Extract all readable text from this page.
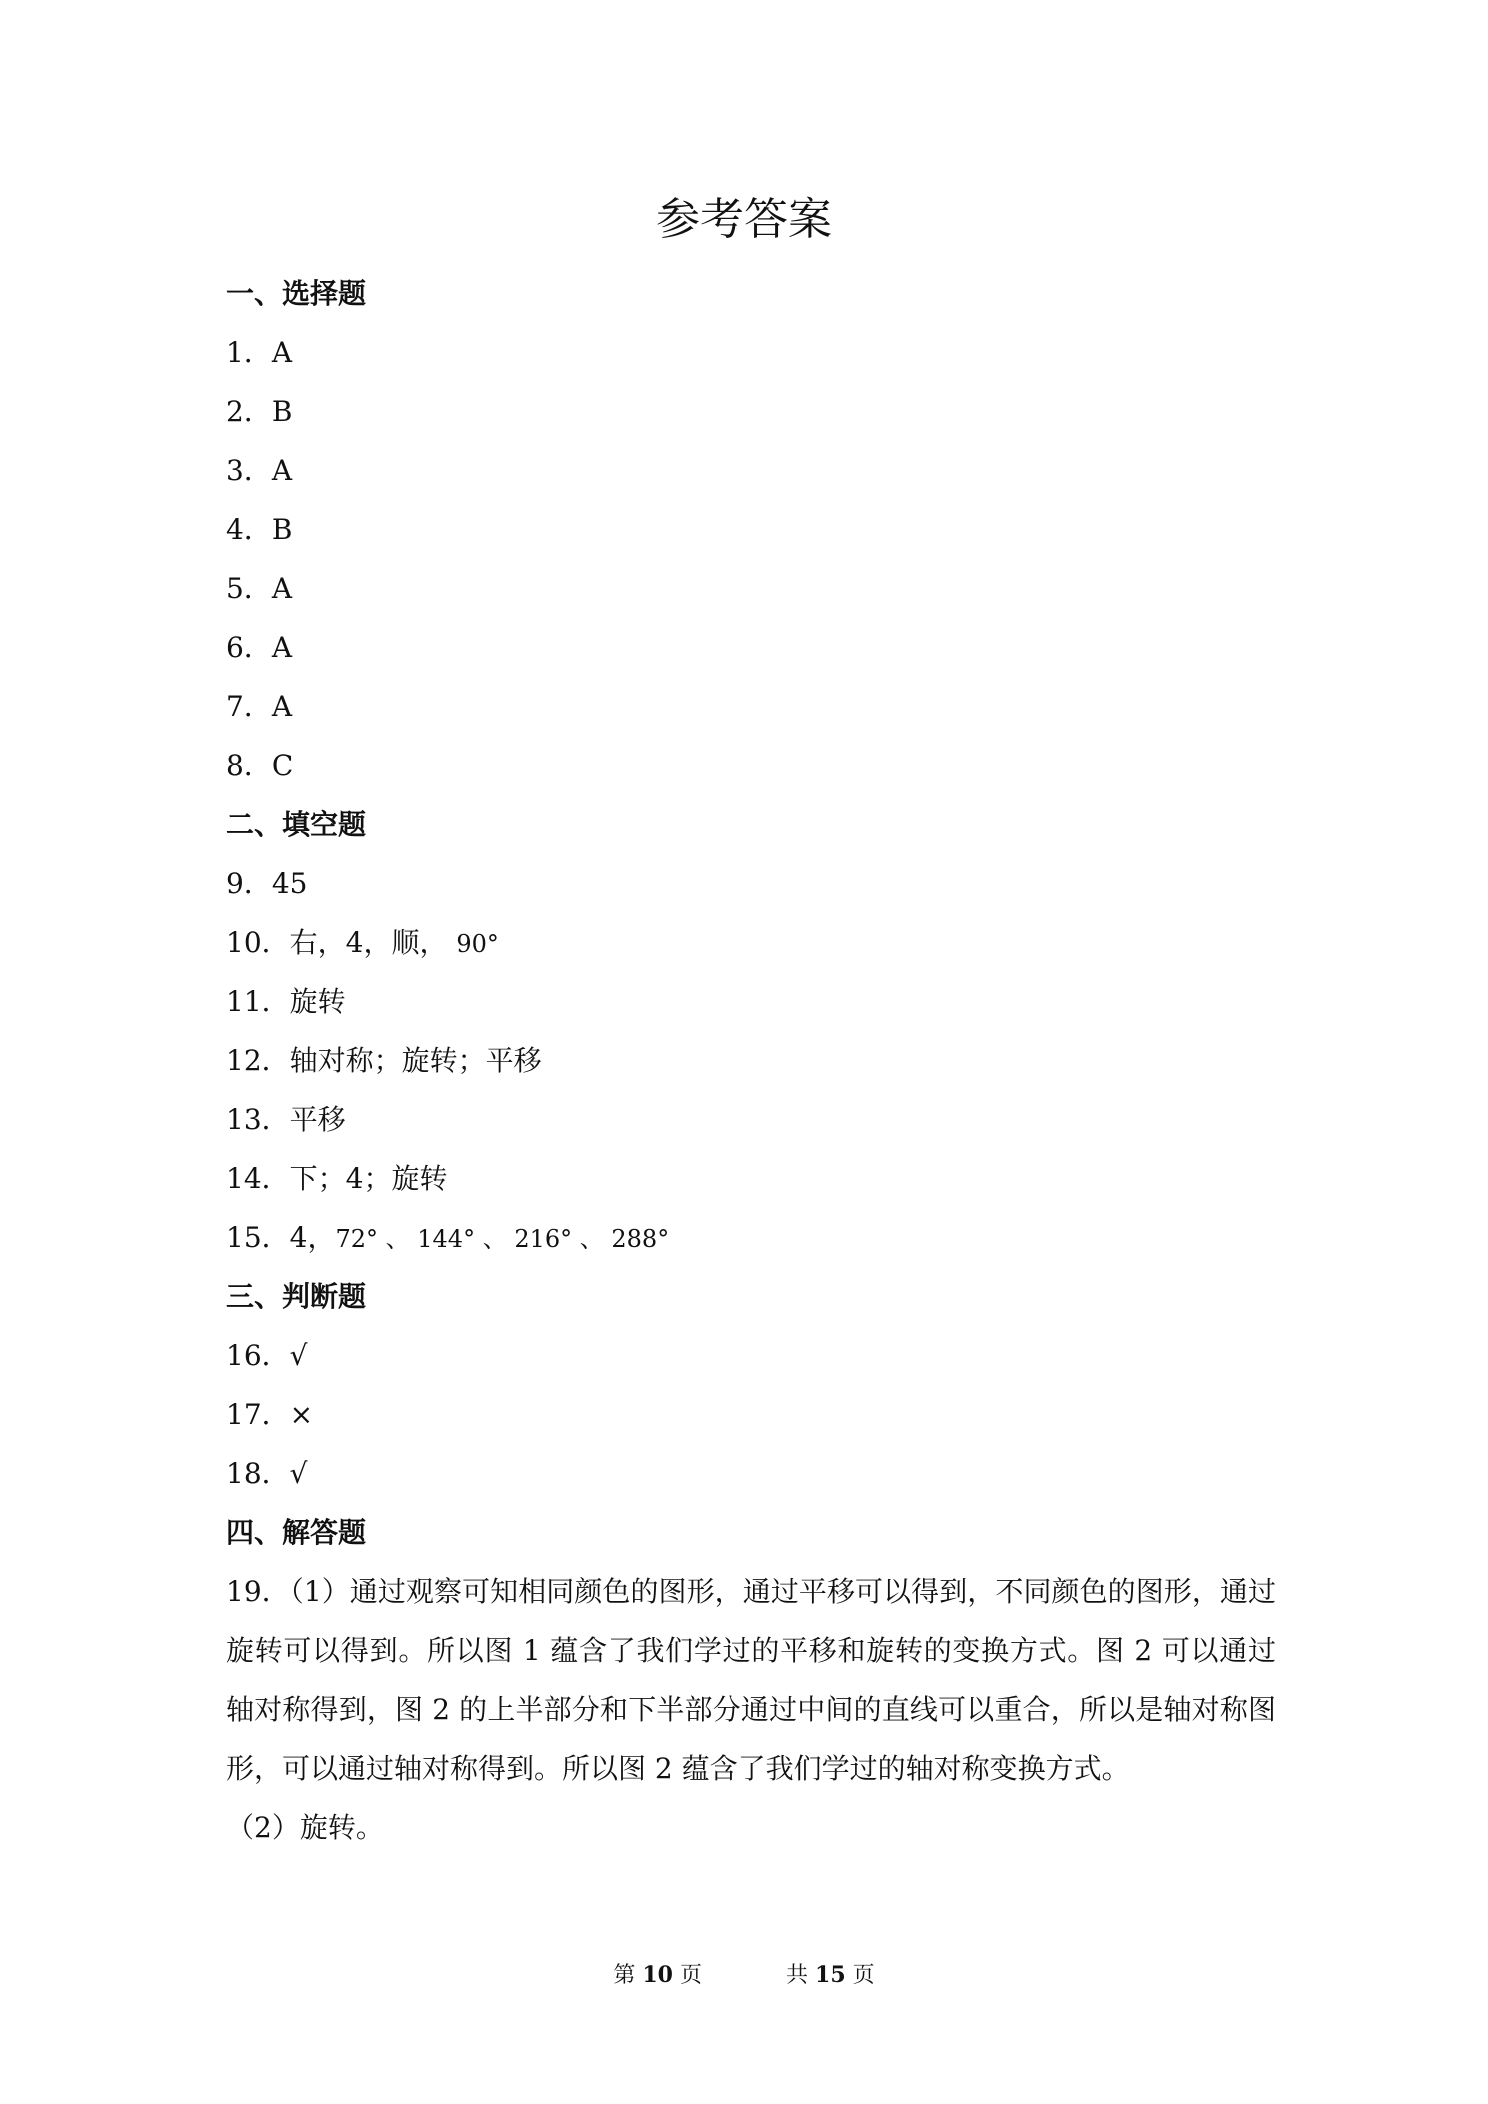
参考答案
一、选择题
1．A
2．B
3．A
4．B
5．A
6．A
7．A
8．C
二、填空题
9．45
10．右，4，顺， 90°
11．旋转
12．轴对称；旋转；平移
13．平移
14．下；4；旋转
15．4，72° 、 144° 、 216° 、 288°
三、判断题
16．√
17．×
18．√
四、解答题
19．（1）通过观察可知相同颜色的图形，通过平移可以得到，不同颜色的图形，通过旋转可以得到。所以图 1 蕴含了我们学过的平移和旋转的变换方式。图 2 可以通过轴对称得到，图 2 的上半部分和下半部分通过中间的直线可以重合，所以是轴对称图形，可以通过轴对称得到。所以图 2 蕴含了我们学过的轴对称变换方式。
（2）旋转。
第 10 页	共 15 页
